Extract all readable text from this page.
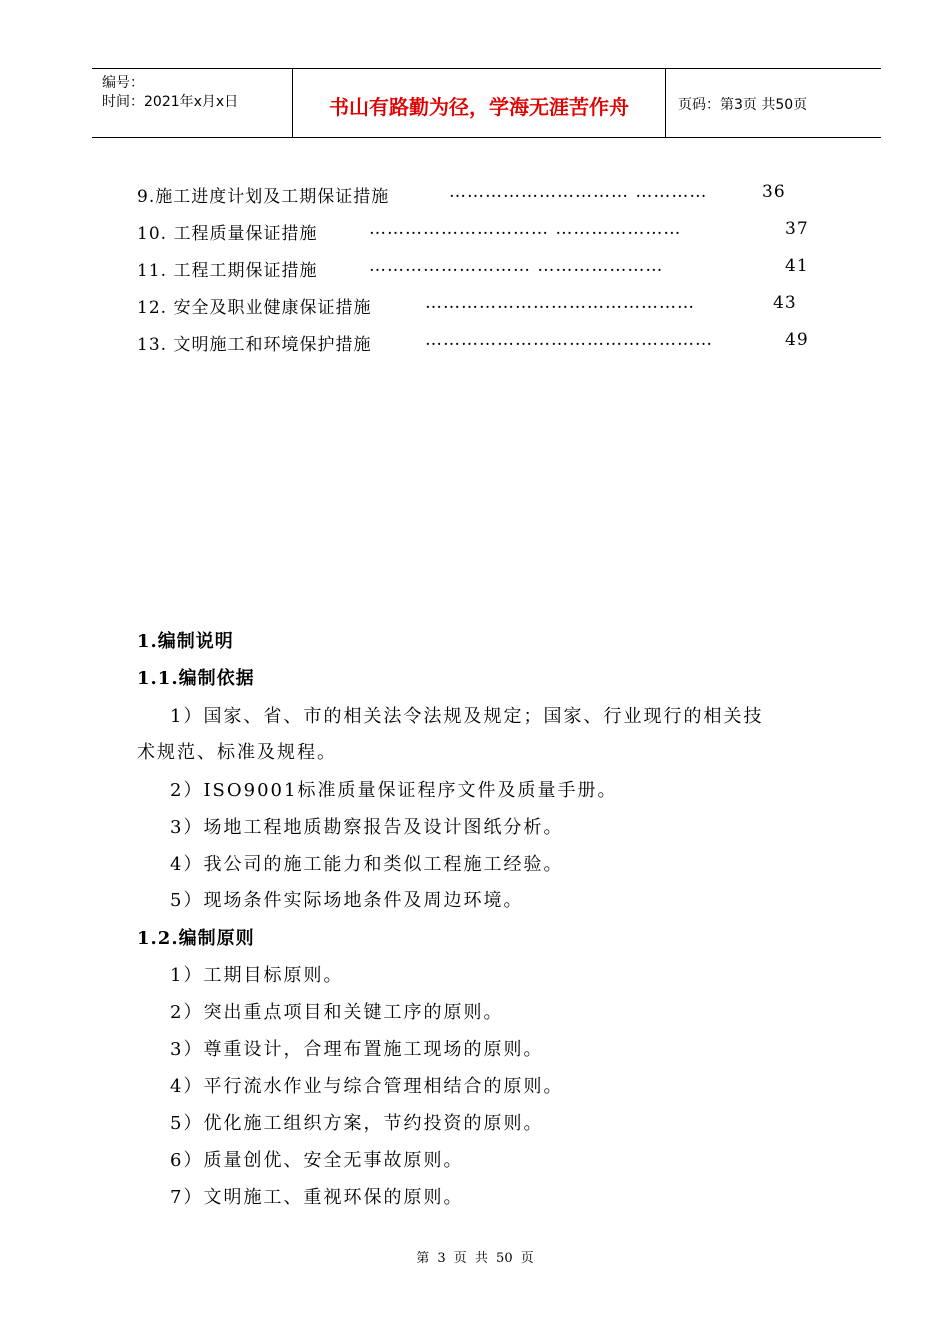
编号：
时间：2021年x月x日	书山有路勤为径，学海无涯苦作舟	页码：第3页 共50页
9.施工进度计划及工期保证措施	………………………… …………	36
10. 工程质量保证措施	………………………… …………………	37
11. 工程工期保证措施	……………………… …………………	41
12. 安全及职业健康保证措施	………………………………………	43
13. 文明施工和环境保护措施	…………………………………………	49
1.编制说明
1.1.编制依据
1）国家、省、市的相关法令法规及规定；国家、行业现行的相关技
术规范、标准及规程。
2）ISO9001标准质量保证程序文件及质量手册。
3）场地工程地质勘察报告及设计图纸分析。
4）我公司的施工能力和类似工程施工经验。
5）现场条件实际场地条件及周边环境。
1.2.编制原则
1）工期目标原则。
2）突出重点项目和关键工序的原则。
3）尊重设计，合理布置施工现场的原则。
4）平行流水作业与综合管理相结合的原则。
5）优化施工组织方案，节约投资的原则。
6）质量创优、安全无事故原则。
7）文明施工、重视环保的原则。
第 3 页 共 50 页
